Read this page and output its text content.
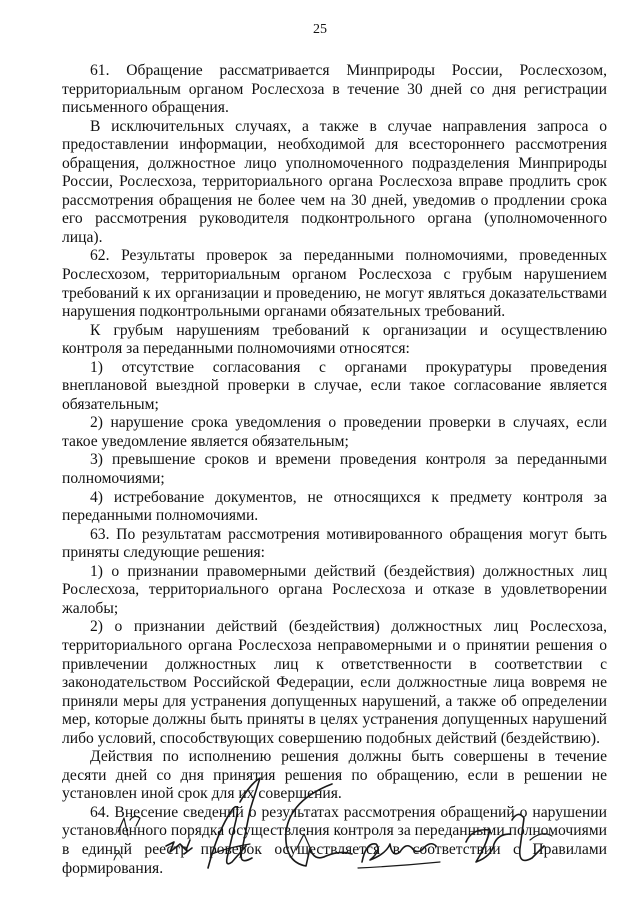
25

61. Обращение рассматривается Минприроды России, Рослесхозом, территориальным органом Рослесхоза в течение 30 дней со дня регистрации письменного обращения.

В исключительных случаях, а также в случае направления запроса о предоставлении информации, необходимой для всестороннего рассмотрения обращения, должностное лицо уполномоченного подразделения Минприроды России, Рослесхоза, территориального органа Рослесхоза вправе продлить срок рассмотрения обращения не более чем на 30 дней, уведомив о продлении срока его рассмотрения руководителя подконтрольного органа (уполномоченного лица).

62. Результаты проверок за переданными полномочиями, проведенных Рослесхозом, территориальным органом Рослесхоза с грубым нарушением требований к их организации и проведению, не могут являться доказательствами нарушения подконтрольными органами обязательных требований.

К грубым нарушениям требований к организации и осуществлению контроля за переданными полномочиями относятся:

1) отсутствие согласования с органами прокуратуры проведения внеплановой выездной проверки в случае, если такое согласование является обязательным;

2) нарушение срока уведомления о проведении проверки в случаях, если такое уведомление является обязательным;

3) превышение сроков и времени проведения контроля за переданными полномочиями;

4) истребование документов, не относящихся к предмету контроля за переданными полномочиями.

63. По результатам рассмотрения мотивированного обращения могут быть приняты следующие решения:

1) о признании правомерными действий (бездействия) должностных лиц Рослесхоза, территориального органа Рослесхоза и отказе в удовлетворении жалобы;

2) о признании действий (бездействия) должностных лиц Рослесхоза, территориального органа Рослесхоза неправомерными и о принятии решения о привлечении должностных лиц к ответственности в соответствии с законодательством Российской Федерации, если должностные лица вовремя не приняли меры для устранения допущенных нарушений, а также об определении мер, которые должны быть приняты в целях устранения допущенных нарушений либо условий, способствующих совершению подобных действий (бездействию).

Действия по исполнению решения должны быть совершены в течение десяти дней со дня принятия решения по обращению, если в решении не установлен иной срок для их совершения.

64. Внесение сведений о результатах рассмотрения обращений о нарушении установленного порядка осуществления контроля за переданными полномочиями в единый реестр проверок осуществляется в соответствии с Правилами формирования.
